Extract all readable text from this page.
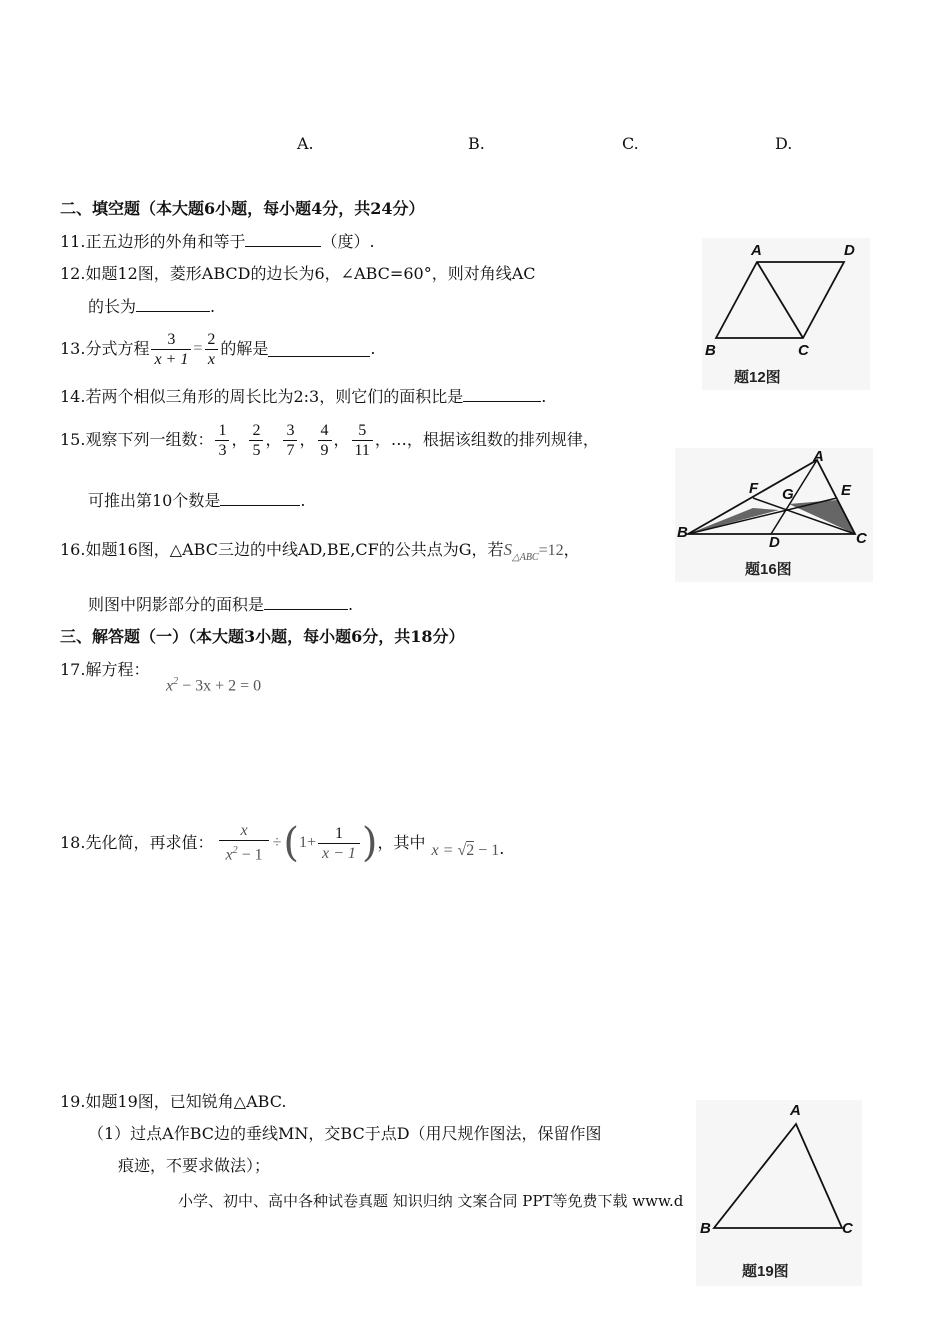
A.	B.	C.	D.
二、填空题（本大题6小题，每小题4分，共24分）
11.正五边形的外角和等于	（度）.
12.如题12图，菱形ABCD的边长为6，∠ABC=60°，则对角线AC
的长为	.
13.分式方程 $\frac{3}{x + 1} = \frac{2}{x}$ 的解是	.
14.若两个相似三角形的周长比为2:3，则它们的面积比是	.
15.观察下列一组数： $\frac{1}{3}$ ， $\frac{2}{5}$ ， $\frac{3}{7}$ ， $\frac{4}{9}$ ， $\frac{5}{11}$ ，…，根据该组数的排列规律，
可推出第10个数是	.
16.如题16图，△ABC三边的中线AD,BE,CF的公共点为G，若$S_{\triangle ABC}=12$，
则图中阴影部分的面积是	.
三、解答题（一）（本大题3小题，每小题6分，共18分）
17.解方程：
$x^2 - 3x + 2 = 0$
18.先化简，再求值： $\frac{x}{x^2 - 1}$ ÷ ( $1+ \frac{1}{x - 1}$ ) ，其中 x = √2 − 1 .
19.如题19图，已知锐角△ABC.
（1）过点A作BC边的垂线MN，交BC于点D（用尺规作图法，保留作图
痕迹，不要求做法）；
小学、初中、高中各种试卷真题 知识归纳 文案合同 PPT等免费下载 www.d
A	D
B	C
题12图
A
F G	E
B
D	C
题16图
A
B	C
题19图
